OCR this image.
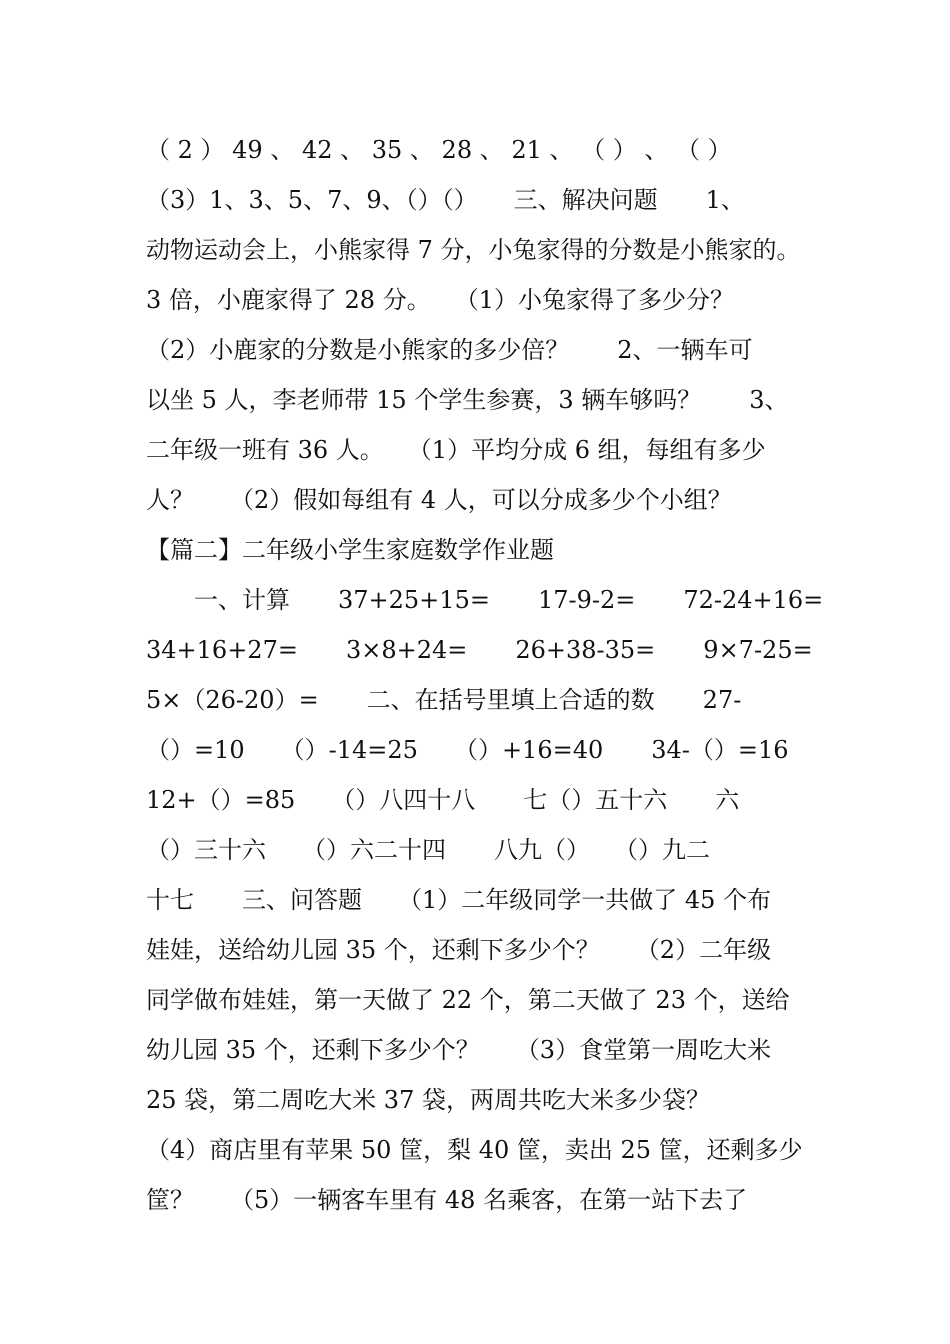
（ 2 ） 49 、 42 、 35 、 28 、 21 、 （ ） 、 （ ）
（3）1、3、5、7、9、（）（）　　三、解决问题　　1、
动物运动会上，小熊家得 7 分，小兔家得的分数是小熊家的。
3 倍，小鹿家得了 28 分。　　（1）小兔家得了多少分？
（2）小鹿家的分数是小熊家的多少倍？　　2、一辆车可
以坐 5 人，李老师带 15 个学生参赛，3 辆车够吗？　　3、
二年级一班有 36 人。　　（1）平均分成 6 组，每组有多少
人？　　（2）假如每组有 4 人，可以分成多少个小组？
【篇二】二年级小学生家庭数学作业题
　　一、计算　　37+25+15=　　17-9-2=　　72-24+16=
34+16+27=　　3×8+24=　　26+38-35=　　9×7-25=
5×（26-20）=　　二、在括号里填上合适的数　　27-
（）=10　　（）-14=25　　（）+16=40　　34-（）=16
12+（）=85　　（）八四十八　　七（）五十六　　六
（）三十六　　（）六二十四　　八九（）　　（）九二
十七　　三、问答题　　（1）二年级同学一共做了 45 个布
娃娃，送给幼儿园 35 个，还剩下多少个？　　（2）二年级
同学做布娃娃，第一天做了 22 个，第二天做了 23 个，送给
幼儿园 35 个，还剩下多少个？　　（3）食堂第一周吃大米
25 袋，第二周吃大米 37 袋，两周共吃大米多少袋？
（4）商店里有苹果 50 筐，梨 40 筐，卖出 25 筐，还剩多少
筐？　　（5）一辆客车里有 48 名乘客，在第一站下去了
